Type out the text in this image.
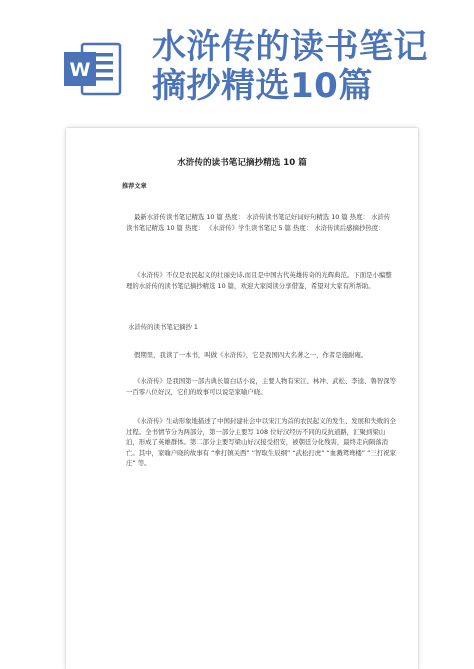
W
水浒传的读书笔记
摘抄精选10篇
水浒传的读书笔记摘抄精选 10 篇
推荐文章
最新水浒传读书笔记精选 10 篇 热度： 水浒传读书笔记好词好句精选 10 篇 热度： 水浒传读书笔记精选 10 篇 热度： 《水浒传》学生读书笔记 5 篇 热度： 水浒传读后感摘抄热度：
《水浒传》不仅是农民起义的壮丽史诗,而且是中国古代英雄传奇的光辉典范。下面是小编整理的水浒传的读书笔记摘抄精选 10 篇，欢迎大家阅读分享借鉴，希望对大家有所帮助。
水浒传的读书笔记摘抄 1
假期里，我读了一本书，叫做《水浒传》，它是我国四大名著之一，作者是施耐庵。
《水浒传》是我国第一部古典长篇白话小说，主要人物有宋江、林冲、武松、李逵、鲁智深等一百零八位好汉，它们的故事可以说是家喻户晓。
《水浒传》生动形象地描述了中国封建社会中以宋江为首的农民起义的发生、发展和失败的全过程。全书情节分为两部分，第一部分主要写 108 位好汉经历不同的反抗道路，汇聚到梁山泊，形成了英雄群体。第二部分主要写梁山好汉接受招安，被朝廷分化残害，最终走向陨落消亡。其中，家喻户晓的故事有 “拳打镇关西” “智取生辰纲” “武松打虎” “血溅鸳鸯楼” “三打祝家庄” 等。
